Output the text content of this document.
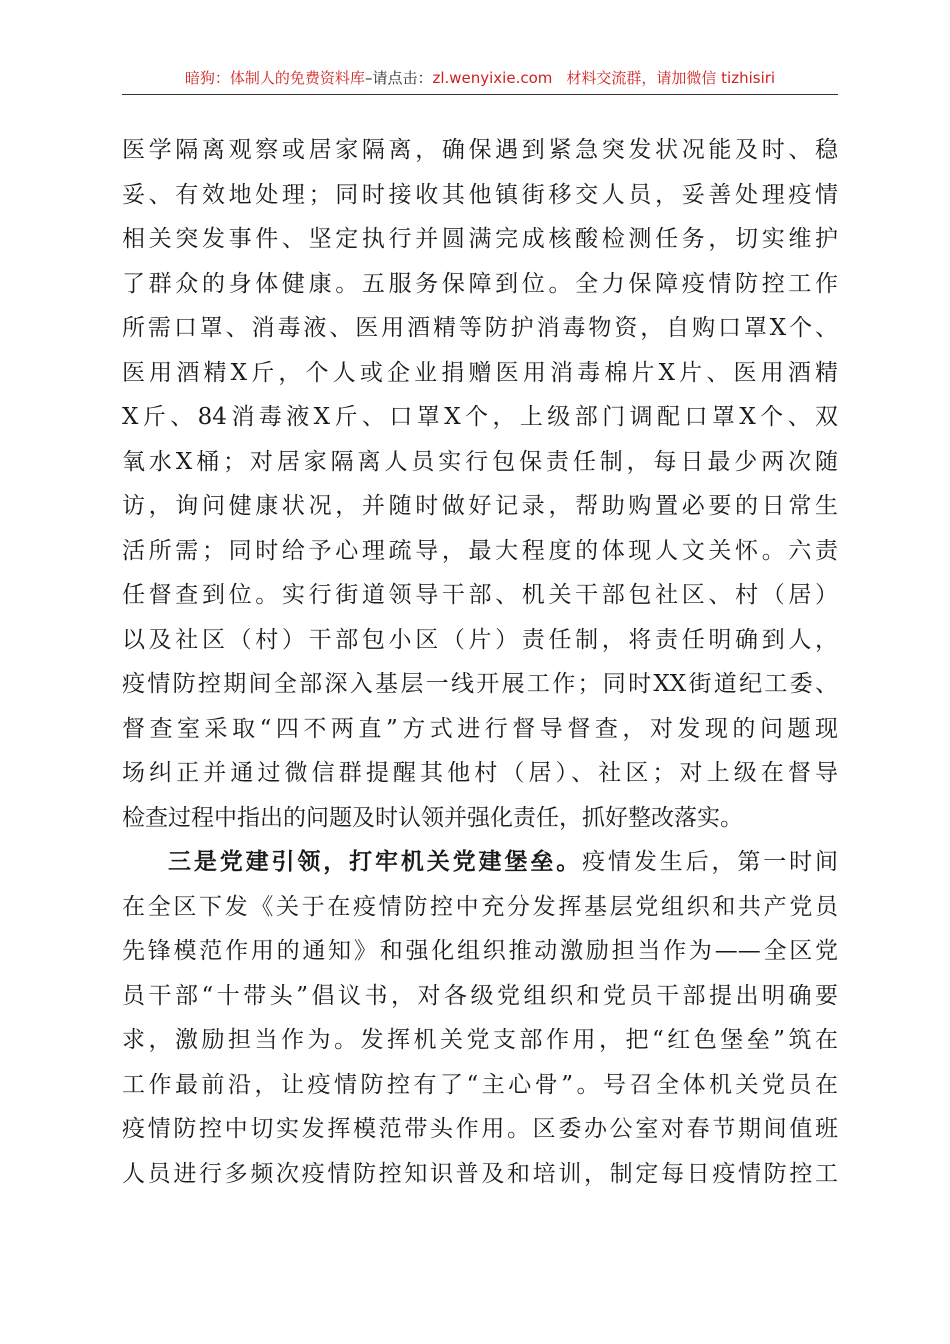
暗狗：体制人的免费资料库–请点击：zl.wenyixie.com 材料交流群，请加微信 tizhisiri
医学隔离观察或居家隔离，确保遇到紧急突发状况能及时、稳
妥、有效地处理；同时接收其他镇街移交人员，妥善处理疫情
相关突发事件、坚定执行并圆满完成核酸检测任务，切实维护
了群众的身体健康。五服务保障到位。全力保障疫情防控工作
所需口罩、消毒液、医用酒精等防护消毒物资，自购口罩X个、
医用酒精X斤，个人或企业捐赠医用消毒棉片X片、医用酒精
X斤、84消毒液X斤、口罩X个，上级部门调配口罩X个、双
氧水X桶；对居家隔离人员实行包保责任制，每日最少两次随
访，询问健康状况，并随时做好记录，帮助购置必要的日常生
活所需；同时给予心理疏导，最大程度的体现人文关怀。六责
任督查到位。实行街道领导干部、机关干部包社区、村（居）
以及社区（村）干部包小区（片）责任制，将责任明确到人，
疫情防控期间全部深入基层一线开展工作；同时XX街道纪工委、
督查室采取“四不两直”方式进行督导督查，对发现的问题现
场纠正并通过微信群提醒其他村（居）、社区；对上级在督导
检查过程中指出的问题及时认领并强化责任，抓好整改落实。
三是党建引领，打牢机关党建堡垒。疫情发生后，第一时间
在全区下发《关于在疫情防控中充分发挥基层党组织和共产党员
先锋模范作用的通知》和强化组织推动激励担当作为——全区党
员干部“十带头”倡议书，对各级党组织和党员干部提出明确要
求，激励担当作为。发挥机关党支部作用，把“红色堡垒”筑在
工作最前沿，让疫情防控有了“主心骨”。号召全体机关党员在
疫情防控中切实发挥模范带头作用。区委办公室对春节期间值班
人员进行多频次疫情防控知识普及和培训，制定每日疫情防控工
